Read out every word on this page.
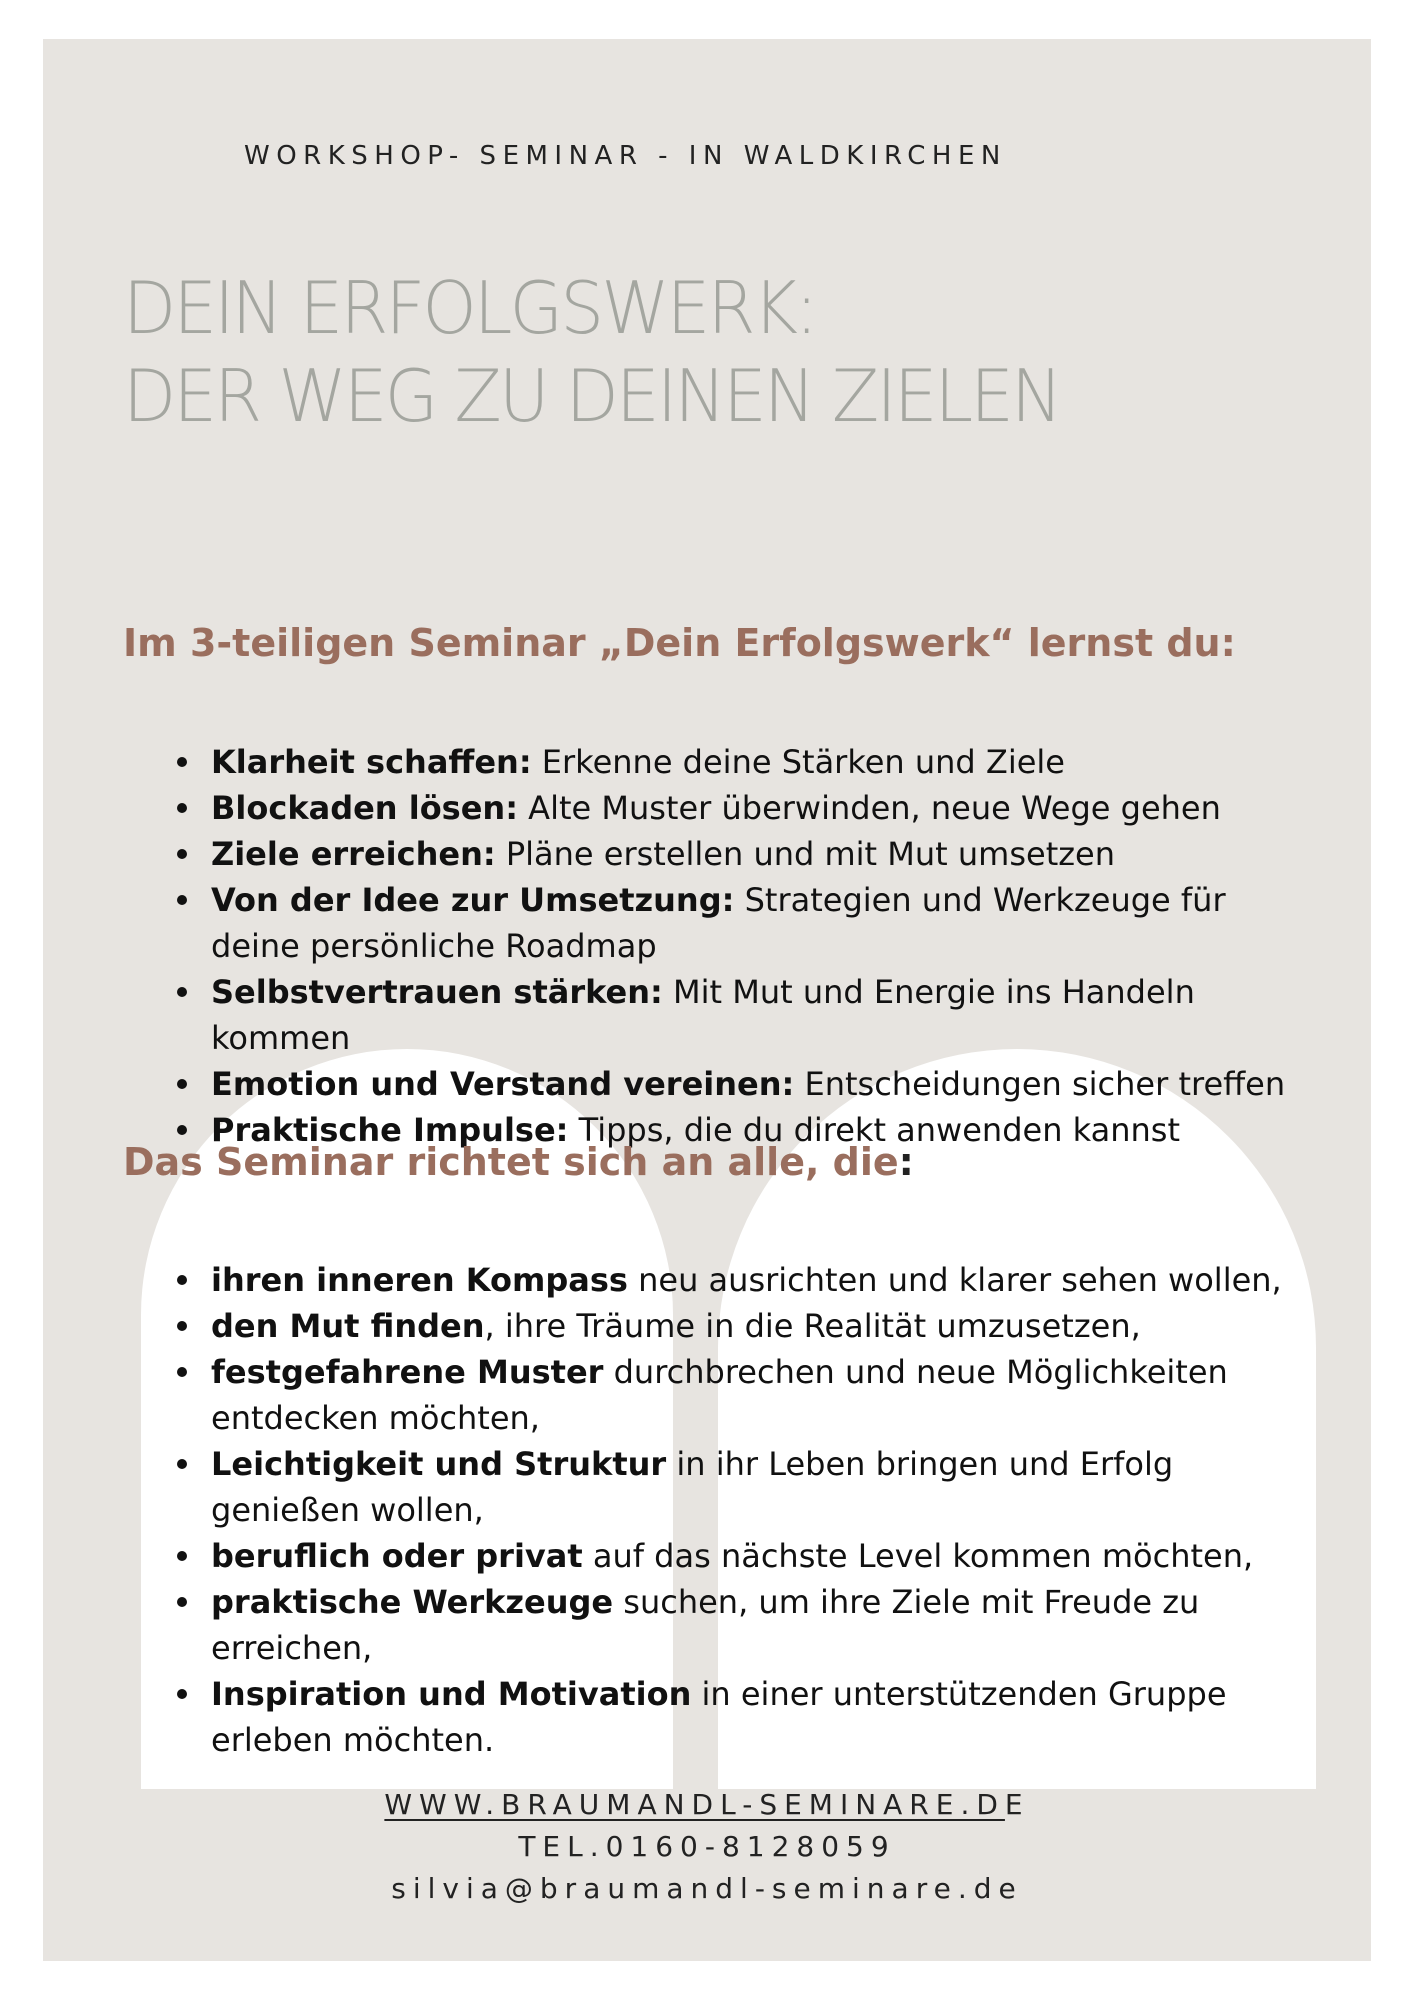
WORKSHOP- SEMINAR - IN WALDKIRCHEN
DEIN ERFOLGSWERK:
DER WEG ZU DEINEN ZIELEN
Im 3-teiligen Seminar „Dein Erfolgswerk“ lernst du:
Klarheit schaffen: Erkenne deine Stärken und Ziele
Blockaden lösen: Alte Muster überwinden, neue Wege gehen
Ziele erreichen: Pläne erstellen und mit Mut umsetzen
Von der Idee zur Umsetzung: Strategien und Werkzeuge für deine persönliche Roadmap
Selbstvertrauen stärken: Mit Mut und Energie ins Handeln kommen
Emotion und Verstand vereinen: Entscheidungen sicher treffen
Praktische Impulse: Tipps, die du direkt anwenden kannst
Das Seminar richtet sich an alle, die:
ihren inneren Kompass neu ausrichten und klarer sehen wollen,
den Mut finden, ihre Träume in die Realität umzusetzen,
festgefahrene Muster durchbrechen und neue Möglichkeiten entdecken möchten,
Leichtigkeit und Struktur in ihr Leben bringen und Erfolg genießen wollen,
beruflich oder privat auf das nächste Level kommen möchten,
praktische Werkzeuge suchen, um ihre Ziele mit Freude zu erreichen,
Inspiration und Motivation in einer unterstützenden Gruppe erleben möchten.
WWW.BRAUMANDL-SEMINARE.DE
TEL.0160-8128059
silvia@braumandl-seminare.de
